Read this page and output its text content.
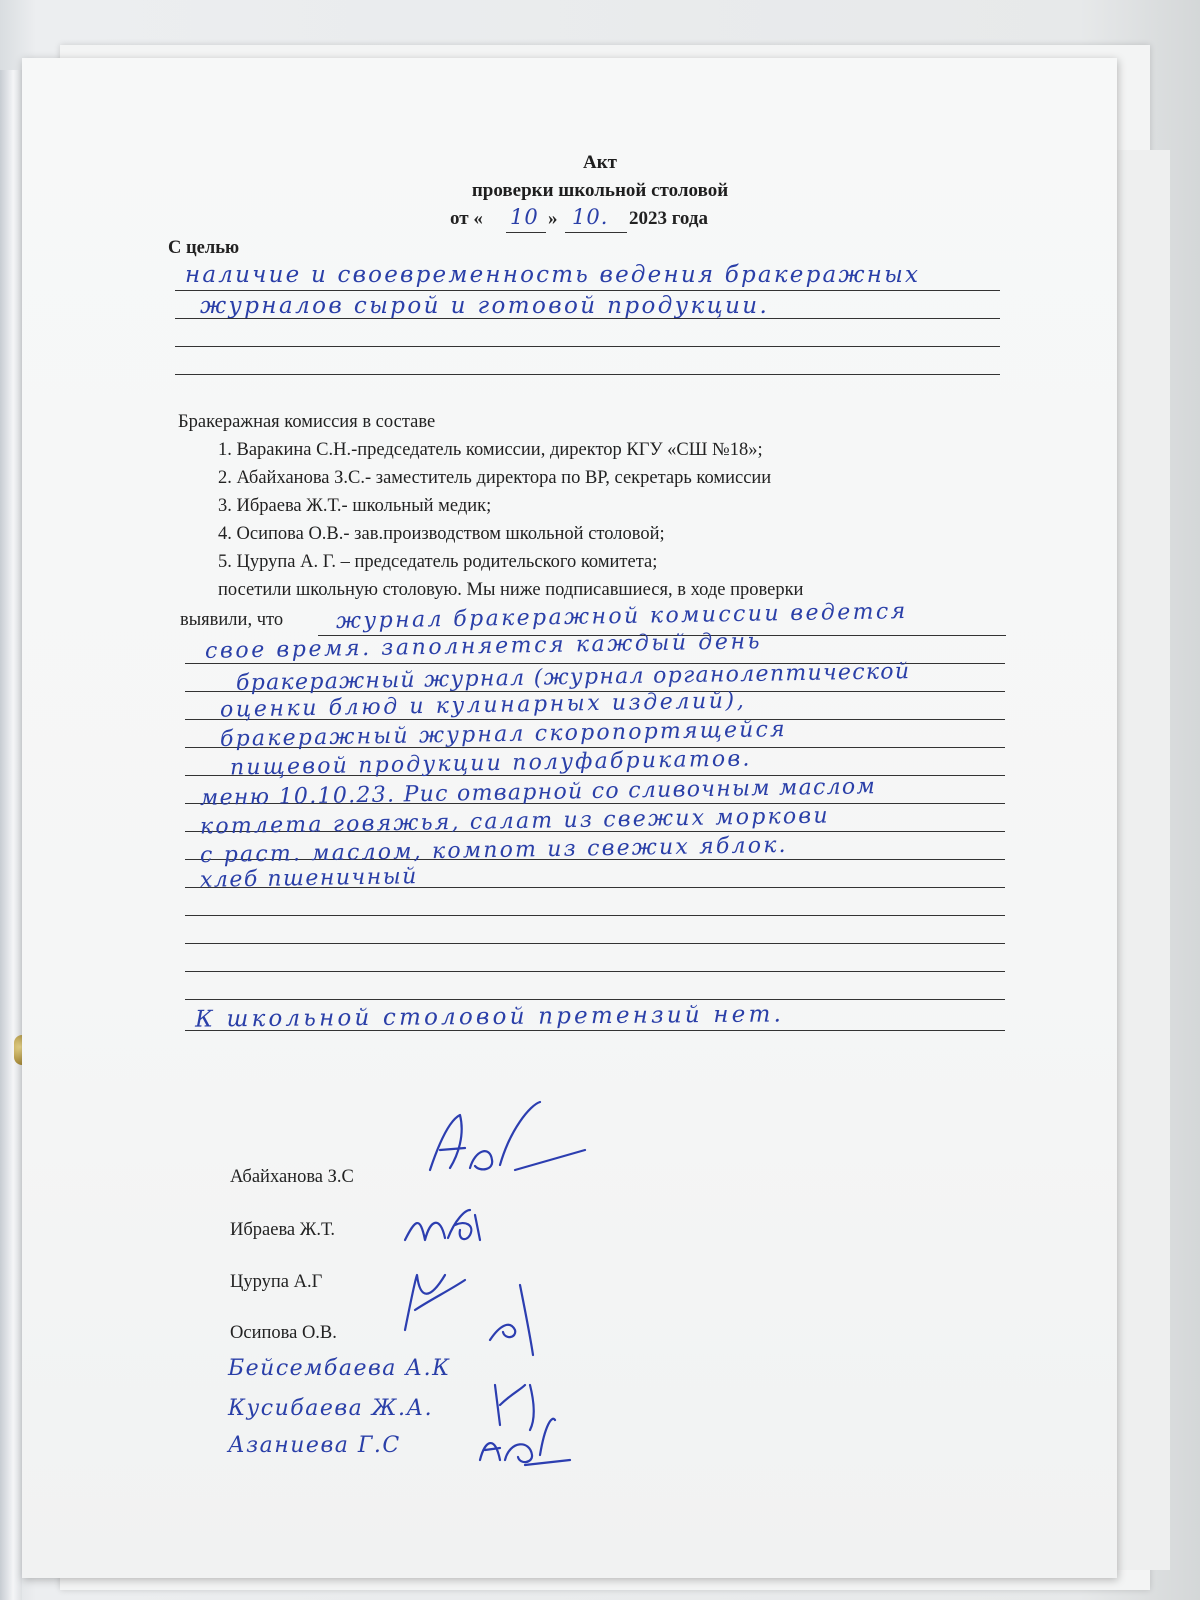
Акт
проверки школьной столовой
от « 10 » 10. 2023 года
С целью
наличие и своевременность ведения бракеражных
журналов сырой и готовой продукции.
Бракеражная комиссия в составе
1. Варакина С.Н.-председатель комиссии, директор КГУ «СШ №18»;
2. Абайханова З.С.- заместитель директора по ВР, секретарь комиссии
3. Ибраева Ж.Т.- школьный медик;
4. Осипова О.В.- зав.производством школьной столовой;
5. Цурупа А. Г. – председатель родительского комитета;
посетили школьную столовую. Мы ниже подписавшиеся, в ходе проверки
выявили, что журнал бракеражной комиссии ведется
свое время. заполняется каждый день
бракеражный журнал (журнал органолептической
оценки блюд и кулинарных изделий),
бракеражный журнал скоропортящейся
пищевой продукции полуфабрикатов.
меню 10.10.23. Рис отварной со сливочным маслом
котлета говяжья, салат из свежих моркови
с раст. маслом, компот из свежих яблок.
хлеб пшеничный
К школьной столовой претензий нет.
Абайханова З.С
Ибраева Ж.Т.
Цурупа А.Г
Осипова О.В.
Бейсембаева А.К
Кусибаева Ж.А.
Азаниева Г.С
